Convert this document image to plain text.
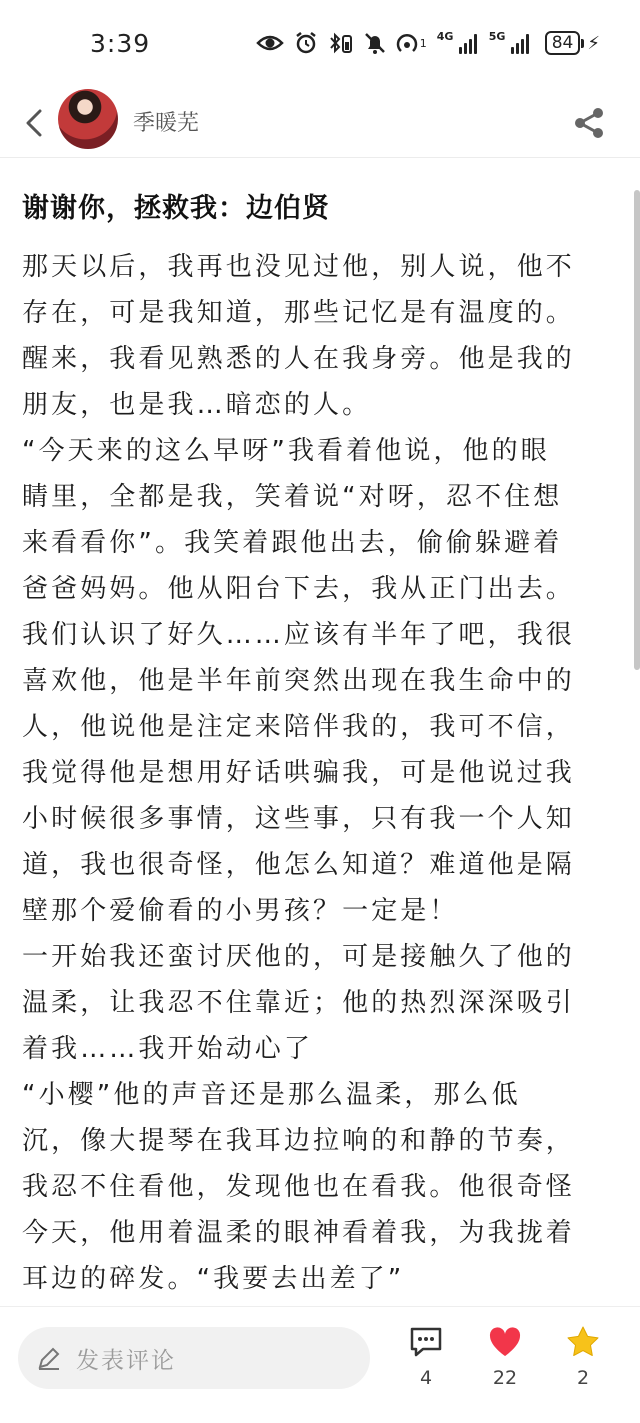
3:39	1 4G	5G	84 ⚡
季暖芜
谢谢你，拯救我：边伯贤

那天以后，我再也没见过他，别人说，他不

存在，可是我知道，那些记忆是有温度的。

醒来，我看见熟悉的人在我身旁。他是我的

朋友，也是我…暗恋的人。

“今天来的这么早呀”我看着他说，他的眼

睛里，全都是我，笑着说“对呀，忍不住想

来看看你”。我笑着跟他出去，偷偷躲避着

爸爸妈妈。他从阳台下去，我从正门出去。

我们认识了好久……应该有半年了吧，我很

喜欢他，他是半年前突然出现在我生命中的

人，他说他是注定来陪伴我的，我可不信，

我觉得他是想用好话哄骗我，可是他说过我

小时候很多事情，这些事，只有我一个人知

道，我也很奇怪，他怎么知道？难道他是隔

壁那个爱偷看的小男孩？一定是！

一开始我还蛮讨厌他的，可是接触久了他的

温柔，让我忍不住靠近；他的热烈深深吸引

着我……我开始动心了

“小樱”他的声音还是那么温柔，那么低

沉，像大提琴在我耳边拉响的和静的节奏，

我忍不住看他，发现他也在看我。他很奇怪

今天，他用着温柔的眼神看着我，为我拢着

耳边的碎发。“我要去出差了”

发表评论
4	22	2
